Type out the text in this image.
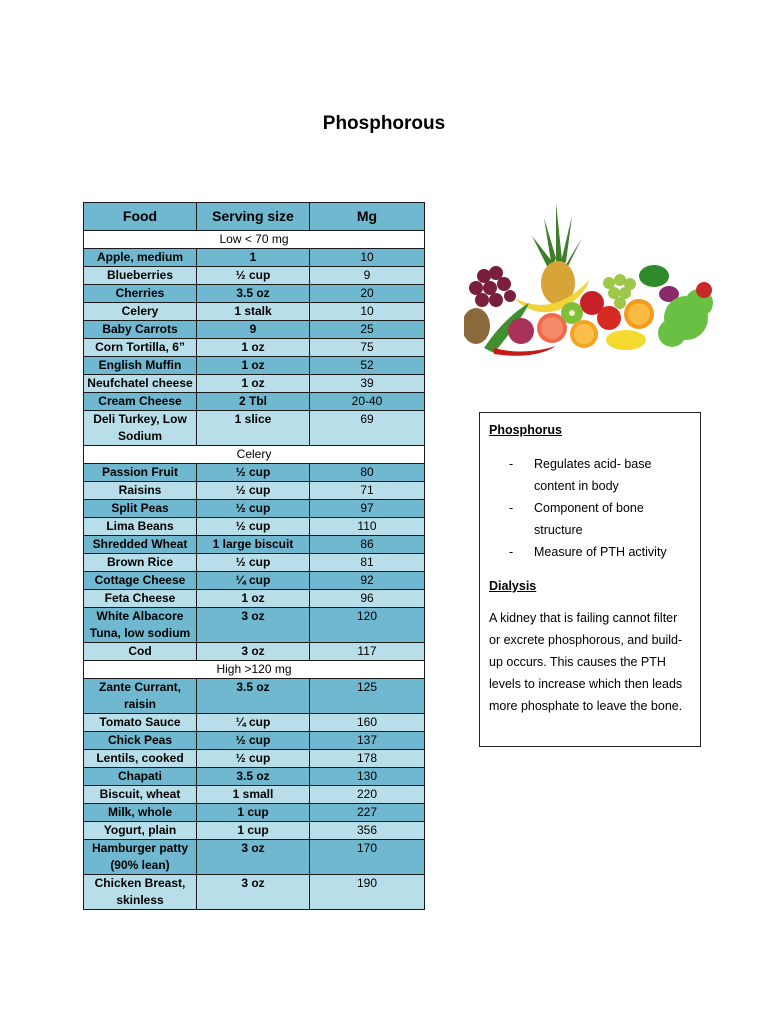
Phosphorous
Food	Serving size	Mg
Low < 70 mg		
Apple, medium	1	10
Blueberries	½ cup	9
Cherries	3.5 oz	20
Celery	1 stalk	10
Baby Carrots	9	25
Corn Tortilla, 6”	1 oz	75
English Muffin	1 oz	52
Neufchatel cheese	1 oz	39
Cream Cheese	2 Tbl	20-40
Deli Turkey, Low Sodium	1 slice	69
Celery		
Passion Fruit	½ cup	80
Raisins	½ cup	71
Split Peas	½ cup	97
Lima Beans	½ cup	110
Shredded Wheat	1 large biscuit	86
Brown Rice	½ cup	81
Cottage Cheese	¼ cup	92
Feta Cheese	1 oz	96
White Albacore Tuna, low sodium	3 oz	120
Cod	3 oz	117
High >120 mg		
Zante Currant, raisin	3.5 oz	125
Tomato Sauce	¼ cup	160
Chick Peas	½ cup	137
Lentils, cooked	½ cup	178
Chapati	3.5 oz	130
Biscuit, wheat	1 small	220
Milk, whole	1 cup	227
Yogurt, plain	1 cup	356
Hamburger patty (90% lean)	3 oz	170
Chicken Breast, skinless	3 oz	190

Phosphorus

- Regulates acid- base content in body
- Component of bone structure
- Measure of PTH activity

Dialysis

A kidney that is failing cannot filter or excrete phosphorous, and build-up occurs. This causes the PTH levels to increase which then leads more phosphate to leave the bone.
